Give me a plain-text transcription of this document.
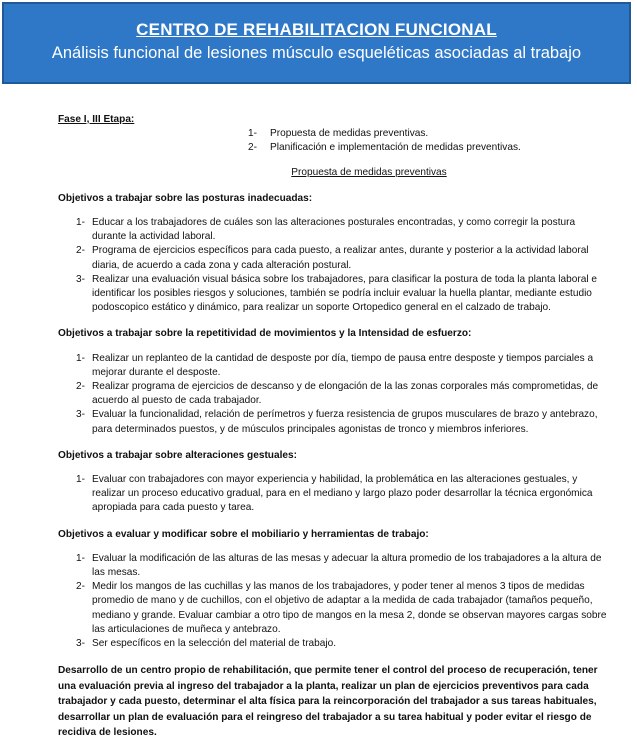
CENTRO DE REHABILITACION FUNCIONAL
Análisis funcional de lesiones músculo esqueléticas asociadas al trabajo
Fase I, III Etapa:
1-	Propuesta de medidas preventivas.
2-	Planificación e implementación de medidas preventivas.
Propuesta de medidas preventivas
Objetivos a trabajar sobre las posturas inadecuadas:
1- Educar a los trabajadores de cuáles son las alteraciones posturales encontradas, y como corregir la postura durante la actividad laboral.
2- Programa de ejercicios específicos para cada puesto, a realizar antes, durante y posterior a la actividad laboral diaria, de acuerdo a cada zona y cada alteración postural.
3- Realizar una evaluación visual básica sobre los trabajadores, para clasificar la postura de toda la planta laboral e identificar los posibles riesgos y soluciones, también se podría incluir evaluar la huella plantar, mediante estudio podoscopico estático y dinámico, para realizar un soporte Ortopedico general en el calzado de trabajo.
Objetivos a trabajar sobre la repetitividad de movimientos y la Intensidad de esfuerzo:
1- Realizar un replanteo de la cantidad de desposte por día, tiempo de pausa entre desposte y tiempos parciales a mejorar durante el desposte.
2- Realizar programa de ejercicios de descanso y de elongación de la las zonas corporales más comprometidas, de acuerdo al puesto de cada trabajador.
3- Evaluar la funcionalidad, relación de perímetros y fuerza resistencia de grupos musculares de brazo y antebrazo, para determinados puestos, y de músculos principales agonistas de tronco y miembros inferiores.
Objetivos a trabajar sobre alteraciones gestuales:
1- Evaluar con trabajadores con mayor experiencia y habilidad, la problemática en las alteraciones gestuales, y realizar un proceso educativo gradual, para en el mediano y largo plazo poder desarrollar la técnica ergonómica apropiada para cada puesto y tarea.
Objetivos a evaluar y modificar sobre el mobiliario y herramientas de trabajo:
1- Evaluar la modificación de las alturas de las mesas y adecuar la altura promedio de los trabajadores a la altura de las mesas.
2- Medir los mangos de las cuchillas y las manos de los trabajadores, y poder tener al menos 3 tipos de medidas promedio de mano y de cuchillos, con el objetivo de adaptar a la medida de cada trabajador (tamaños pequeño, mediano y grande. Evaluar cambiar a otro tipo de mangos en la mesa 2, donde se observan mayores cargas sobre las articulaciones de muñeca y antebrazo.
3- Ser específicos en la selección del material de trabajo.
Desarrollo de un centro propio de rehabilitación, que permite tener el control del proceso de recuperación, tener una evaluación previa al ingreso del trabajador a la planta, realizar un plan de ejercicios preventivos para cada trabajador y cada puesto, determinar el alta física para la reincorporación del trabajador a sus tareas habituales, desarrollar un plan de evaluación para el reingreso del trabajador a su tarea habitual y poder evitar el riesgo de recidiva de lesiones.
